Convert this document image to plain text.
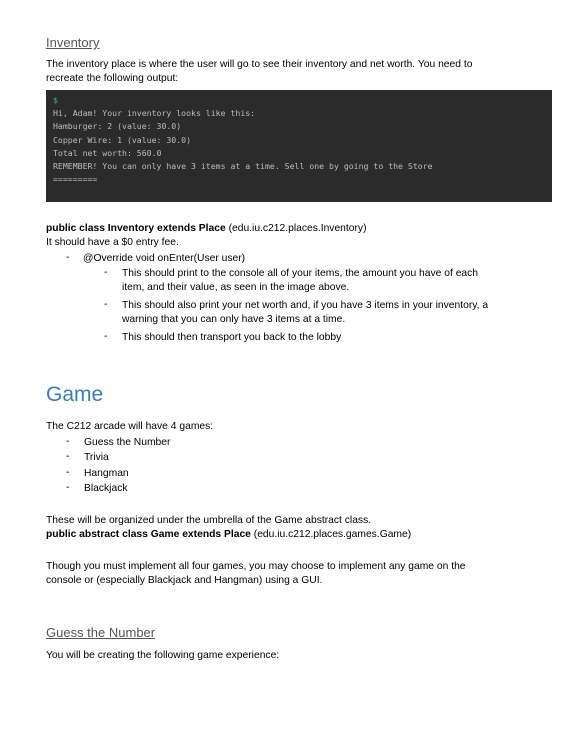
Inventory
The inventory place is where the user will go to see their inventory and net worth. You need to
recreate the following output:
$
Hi, Adam! Your inventory looks like this:
Hamburger: 2 (value: 30.0)
Copper Wire: 1 (value: 30.0)
Total net worth: 560.0
REMEMBER! You can only have 3 items at a time. Sell one by going to the Store
=========
public class Inventory extends Place (edu.iu.c212.places.Inventory)
It should have a $0 entry fee.
- @Override void onEnter(User user)
- This should print to the console all of your items, the amount you have of each
item, and their value, as seen in the image above.
- This should also print your net worth and, if you have 3 items in your inventory, a
warning that you can only have 3 items at a time.
- This should then transport you back to the lobby
Game
The C212 arcade will have 4 games:
- Guess the Number
- Trivia
- Hangman
- Blackjack
These will be organized under the umbrella of the Game abstract class.
public abstract class Game extends Place (edu.iu.c212.places.games.Game)
Though you must implement all four games, you may choose to implement any game on the
console or (especially Blackjack and Hangman) using a GUI.
Guess the Number
You will be creating the following game experience:
